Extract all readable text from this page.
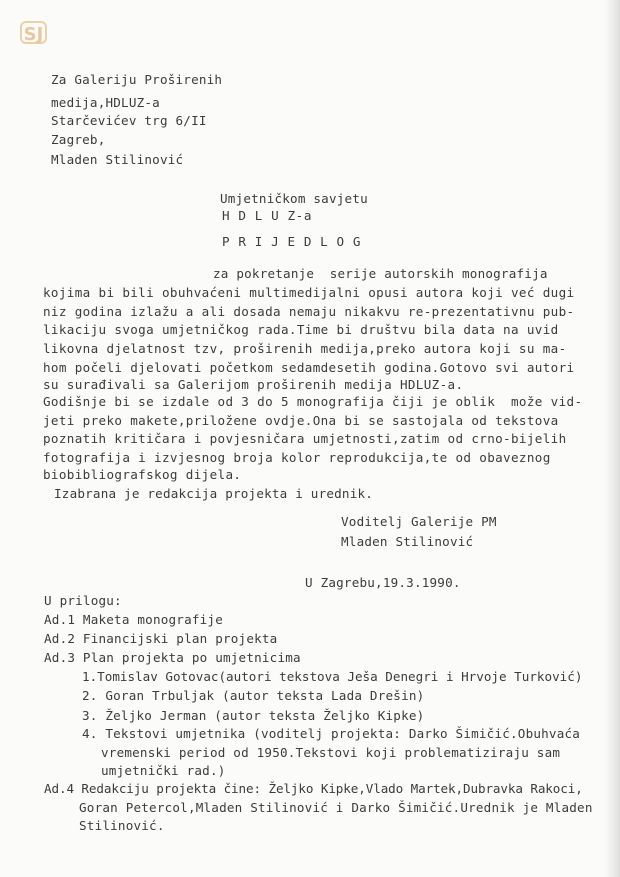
SJ
Za Galeriju Proširenih
medija,HDLUZ-a
Starčevićev trg 6/II
Zagreb,
Mladen Stilinović
Umjetničkom savjetu
H D L U Z-a
P R I J E D L O G
za pokretanje  serije autorskih monografija
kojima bi bili obuhvaćeni multimedijalni opusi autora koji već dugi
niz godina izlažu a ali dosada nemaju nikakvu re-prezentativnu pub-
likaciju svoga umjetničkog rada.Time bi društvu bila data na uvid
likovna djelatnost tzv, proširenih medija,preko autora koji su ma-
hom počeli djelovati početkom sedamdesetih godina.Gotovo svi autori
su surađivali sa Galerijom proširenih medija HDLUZ-a.
Godišnje bi se izdale od 3 do 5 monografija čiji je oblik  može vid-
jeti preko makete,priložene ovdje.Ona bi se sastojala od tekstova
poznatih kritičara i povjesničara umjetnosti,zatim od crno-bijelih
fotografija i izvjesnog broja kolor reprodukcija,te od obaveznog
biobibliografskog dijela.
Izabrana je redakcija projekta i urednik.
Voditelj Galerije PM
Mladen Stilinović
U Zagrebu,19.3.1990.
U prilogu:
Ad.1 Maketa monografije
Ad.2 Financijski plan projekta
Ad.3 Plan projekta po umjetnicima
1.Tomislav Gotovac(autori tekstova Ješa Denegri i Hrvoje Turković)
2. Goran Trbuljak (autor teksta Lada Drešin)
3. Željko Jerman (autor teksta Željko Kipke)
4. Tekstovi umjetnika (voditelj projekta: Darko Šimičić.Obuhvaća
vremenski period od 1950.Tekstovi koji problematiziraju sam
umjetnički rad.)
Ad.4 Redakciju projekta čine: Željko Kipke,Vlado Martek,Dubravka Rakoci,
Goran Petercol,Mladen Stilinović i Darko Šimičić.Urednik je Mladen
Stilinović.
